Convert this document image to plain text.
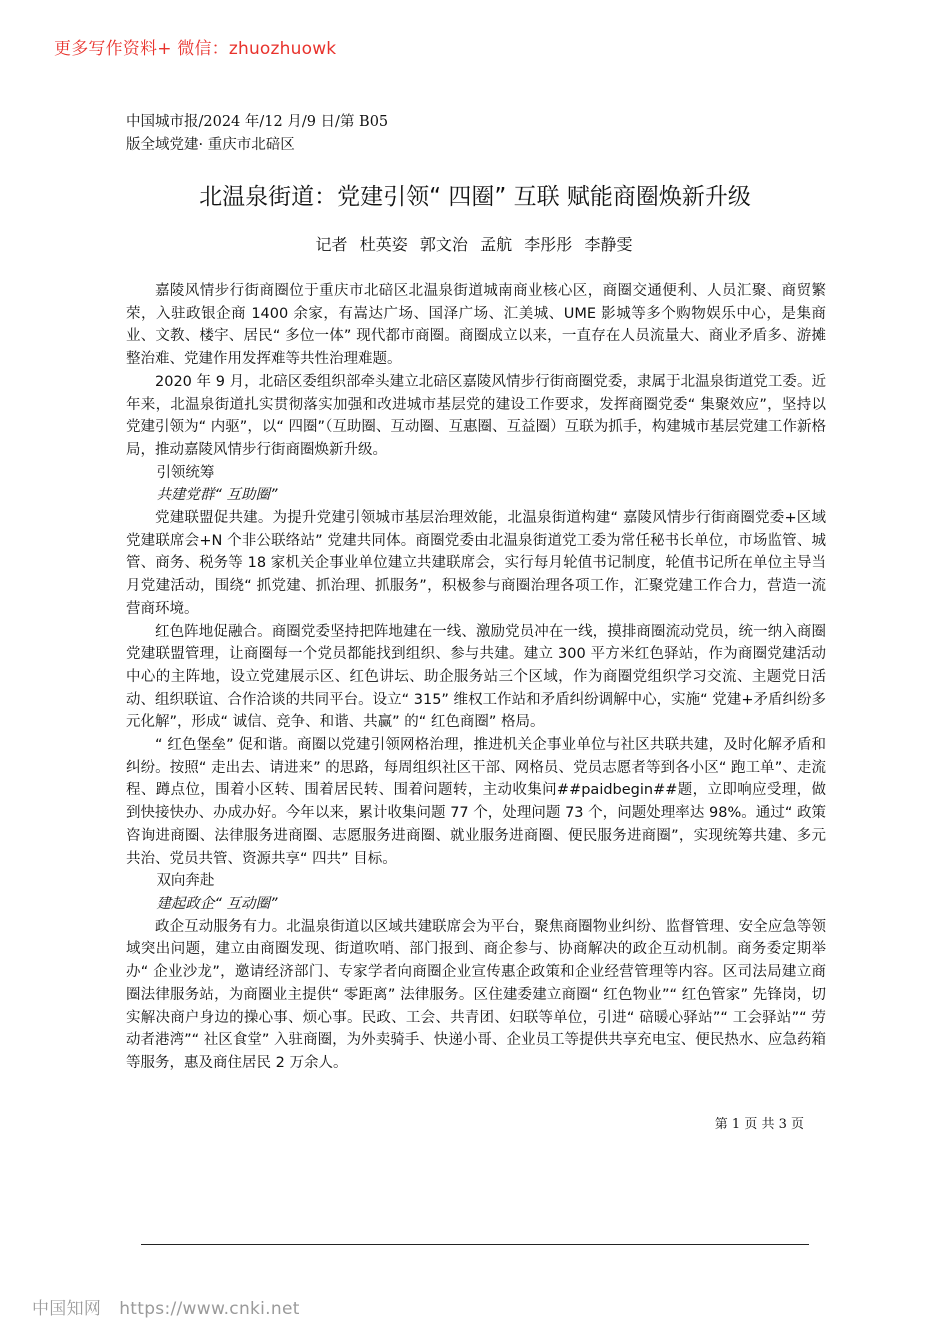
更多写作资料+ 微信：zhuozhuowk
中国城市报/2024 年/12 月/9 日/第 B05
版全域党建· 重庆市北碚区
北温泉街道：党建引领“ 四圈” 互联 赋能商圈焕新升级
记者 杜英姿 郭文治 孟航 李彤彤 李静雯

嘉陵风情步行街商圈位于重庆市北碚区北温泉街道城南商业核心区，商圈交通便利、人员汇聚、商贸繁荣，入驻政银企商 1400 余家，有嵩达广场、国泽广场、汇美城、UME 影城等多个购物娱乐中心，是集商业、文教、楼宇、居民“ 多位一体” 现代都市商圈。商圈成立以来，一直存在人员流量大、商业矛盾多、游摊整治难、党建作用发挥难等共性治理难题。

2020 年 9 月，北碚区委组织部牵头建立北碚区嘉陵风情步行街商圈党委，隶属于北温泉街道党工委。近年来，北温泉街道扎实贯彻落实加强和改进城市基层党的建设工作要求，发挥商圈党委“ 集聚效应”，坚持以党建引领为“ 内驱”，以“ 四圈”（互助圈、互动圈、互惠圈、互益圈）互联为抓手，构建城市基层党建工作新格局，推动嘉陵风情步行街商圈焕新升级。

引领统筹

共建党群“ 互助圈”

党建联盟促共建。为提升党建引领城市基层治理效能，北温泉街道构建“ 嘉陵风情步行街商圈党委+区域党建联席会+N 个非公联络站” 党建共同体。商圈党委由北温泉街道党工委为常任秘书长单位，市场监管、城管、商务、税务等 18 家机关企事业单位建立共建联席会，实行每月轮值书记制度，轮值书记所在单位主导当月党建活动，围绕“ 抓党建、抓治理、抓服务”，积极参与商圈治理各项工作，汇聚党建工作合力，营造一流营商环境。

红色阵地促融合。商圈党委坚持把阵地建在一线、激励党员冲在一线，摸排商圈流动党员，统一纳入商圈党建联盟管理，让商圈每一个党员都能找到组织、参与共建。建立 300 平方米红色驿站，作为商圈党建活动中心的主阵地，设立党建展示区、红色讲坛、助企服务站三个区域，作为商圈党组织学习交流、主题党日活动、组织联谊、合作洽谈的共同平台。设立“ 315” 维权工作站和矛盾纠纷调解中心，实施“ 党建+矛盾纠纷多元化解”，形成“ 诚信、竞争、和谐、共赢” 的“ 红色商圈” 格局。

“ 红色堡垒” 促和谐。商圈以党建引领网格治理，推进机关企事业单位与社区共联共建，及时化解矛盾和纠纷。按照“ 走出去、请进来” 的思路，每周组织社区干部、网格员、党员志愿者等到各小区“ 跑工单”、走流程、蹲点位，围着小区转、围着居民转、围着问题转，主动收集问##paidbegin##题，立即响应受理，做到快接快办、办成办好。今年以来，累计收集问题 77 个，处理问题 73 个，问题处理率达 98%。通过“ 政策咨询进商圈、法律服务进商圈、志愿服务进商圈、就业服务进商圈、便民服务进商圈”，实现统筹共建、多元共治、党员共管、资源共享“ 四共” 目标。

双向奔赴

建起政企“ 互动圈”

政企互动服务有力。北温泉街道以区域共建联席会为平台，聚焦商圈物业纠纷、监督管理、安全应急等领域突出问题，建立由商圈发现、街道吹哨、部门报到、商企参与、协商解决的政企互动机制。商务委定期举办“ 企业沙龙”，邀请经济部门、专家学者向商圈企业宣传惠企政策和企业经营管理等内容。区司法局建立商圈法律服务站，为商圈业主提供“ 零距离” 法律服务。区住建委建立商圈“ 红色物业”“ 红色管家” 先锋岗，切实解决商户身边的操心事、烦心事。民政、工会、共青团、妇联等单位，引进“ 碚暖心驿站”“ 工会驿站”“ 劳动者港湾”“ 社区食堂” 入驻商圈，为外卖骑手、快递小哥、企业员工等提供共享充电宝、便民热水、应急药箱等服务，惠及商住居民 2 万余人。

第 1 页 共 3 页
中国知网 https://www.cnki.net
